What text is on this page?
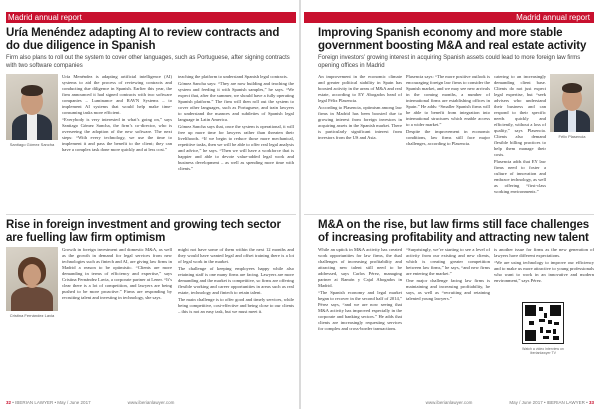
Madrid annual report
Uría Menéndez adapting AI to review contracts and do due diligence in Spanish
Firm also plans to roll out the system to cover other languages, such as Portuguese, after signing contracts with two software companies
Santiago Gómez Sancha

Uría Menéndez is adapting artificial intelligence (AI) systems to aid the process of reviewing contracts and conducting due diligence in Spanish. Earlier this year, the firm announced it had signed contracts with two software companies – Luminance and RAVN Systems – to implement AI systems that would help make time-consuming tasks more efficient.

“Everybody is very interested in what’s going on,” says Santiago Gómez Sancha, the firm’s co-director, who is overseeing the adoption of the new software. The next steps: “With every technology, we use the time to implement it and pass the benefit to the client; they can have a complex task done more quickly and at less cost.”

teaching the platform to understand Spanish legal contracts.

Gómez Sancha says: “They are now building and teaching the system and feeding it with Spanish samples,” he says. “We expect that, after the summer, we should have a fully operating Spanish platform.” The firm will then roll out the system to cover other languages, such as Portuguese, and train lawyers to understand the nuances and subtleties of Spanish legal language in Latin America.

Gómez Sancha says that, once the system is operational, it will free up more time for lawyers rather than threaten their livelihoods. “If we begin to reduce those more mechanical, repetitive tasks, then we will be able to offer real legal analysis and advice,” he says. “Then we will have a workforce that is happier and able to devote value-added legal work and business development – as well as spending more time with clients.”

Rise in foreign investment and growing tech sector are fuelling law firm optimism
Cristina Fernández Lavia

Growth in foreign investment and domestic M&A, as well as the growth in demand for legal services from new technologies such as fintech and AI, are giving law firms in Madrid a reason to be optimistic. “Clients are more demanding in terms of efficiency and expertise,” says Cristina Fernández Lavia, a corporate partner at Lener. “It’s clear there is a lot of competition, and lawyers are being pushed to be more proactive.” Firms are responding by recruiting talent and investing in technology, she says.

might not have some of them within the next 12 months and they would have wanted legal and offset training there is a lot of legal work in the market.

The challenge of keeping employees happy while also retaining staff is one many firms are facing. Lawyers are more demanding and the market is competitive, so firms are offering flexible working and career opportunities in areas such as real estate, technology and fintech to retain talent.

The main challenge is to offer good and timely services, while being competitive, cost-effective and being close to our clients – this is not an easy task, but we must meet it.

32 • IBERIAN LAWYER • May / June 2017	www.iberianlawyer.com
Madrid annual report
Improving Spanish economy and more stable government boosting M&A and real estate activity
Foreign investors’ growing interest in acquiring Spanish assets could lead to more foreign law firms opening offices in Madrid

An improvement in the economic climate and greater political stability in Spain has boosted activity in the areas of M&A and real estate, according to EY Abogados head of legal Félix Plasencia.

According to Plasencia, optimism among law firms in Madrid has been boosted due to growing interest from foreign investors in acquiring assets in the Spanish market. There is particularly significant interest from investors from the US and Asia.

Plasencia says: “The more positive outlook is encouraging foreign law firms to consider the Spanish market, and we may see new arrivals in the coming months, a number of international firms are establishing offices in Spain.” He adds: “Smaller Spanish firms will be able to benefit from integration into international structures which enable access to a wider market.”

Despite the improvement in economic conditions, law firms still face major challenges, according to Plasencia.

catering to an increasingly demanding client base. Clients do not just expect legal expertise, but “seek advisers who understand their business and can respond to their specific needs quickly and efficiently, without a loss of quality,” says Plasencia. Clients also demand flexible billing practices to help them manage their costs.

Plasencia adds that EY law firms need to foster a culture of innovation and embrace technology, as well as offering “first-class working environments.”

Félix Plasencia
M&A on the rise, but law firms still face challenges of increasing profitability and attracting new talent

While an uptick in M&A activity has created work opportunities for law firms, the dual challenges of increasing profitability and attracting new talent still need to be addressed, says Carlos Pérez, managing partner at Ramón y Cajal Abogados in Madrid.

“The Spanish economy and legal market began to recover in the second half of 2014,” Pérez says, “and we are now seeing that M&A activity has improved especially in the corporate and banking sectors.” He adds that clients are increasingly requesting services for complex and cross-border transactions.

“Surprisingly, we’re starting to see a level of activity from our existing and new clients, which is creating greater competition between law firms,” he says, “and new firms are entering the market.”

One major challenge facing law firms is maintaining and increasing profitability, he says, as well as “recruiting and retaining talented young lawyers.”

is another issue for firms as the new generation of lawyers have different expectations.

“We are using technology to improve our efficiency and to make us more attractive to young professionals who want to work in an innovative and modern environment,” says Pérez.

Watch a video interview on iberianlawyer TV
www.iberianlawyer.com	May / June 2017 • IBERIAN LAWYER • 33
